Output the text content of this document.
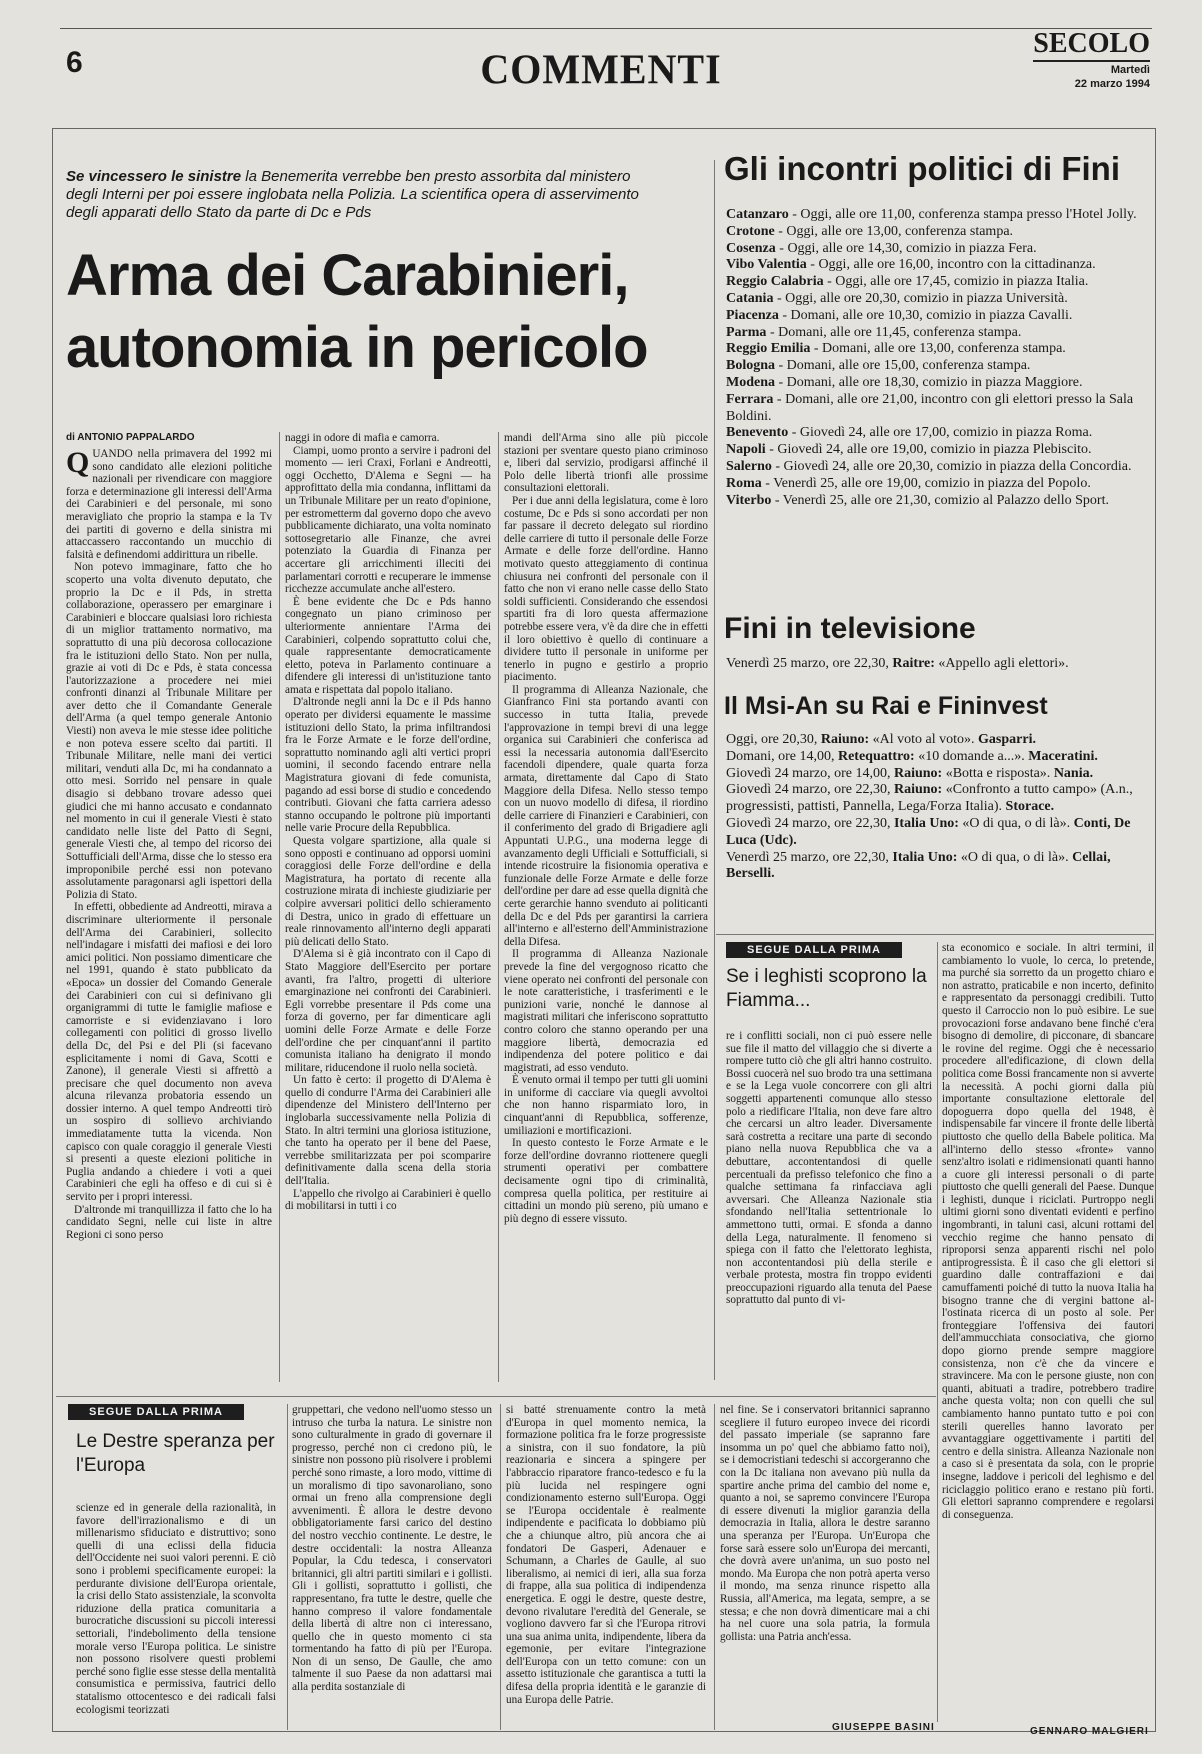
6	COMMENTI
SECOLO
Martedì
22 marzo 1994
Se vincessero le sinistre la Benemerita verrebbe ben presto assorbita dal ministero degli Interni per poi essere inglobata nella Polizia. La scientifica opera di asservimento degli apparati dello Stato da parte di Dc e Pds
Arma dei Carabinieri,
autonomia in pericolo
di ANTONIO PAPPALARDO
Q UANDO nella primavera del 1992 mi sono candidato alle elezioni politiche nazionali per rivendicare con maggiore forza e determinazione gli interessi dell'Arma dei Carabinieri e del personale, mi sono meravigliato che proprio la stampa e la Tv dei partiti di governo e della sinistra mi attaccassero raccontando un mucchio di falsità e definendomi addirittura un ribelle.

Non potevo immaginare, fatto che ho scoperto una volta divenuto deputato, che proprio la Dc e il Pds, in stretta collaborazione, operassero per emarginare i Carabinieri e bloccare qualsiasi loro richiesta di un miglior trattamento normativo, ma soprattutto di una più decorosa collocazione fra le istituzioni dello Stato. Non per nulla, grazie ai voti di Dc e Pds, è stata concessa l'autorizzazione a procedere nei miei confronti dinanzi al Tribunale Militare per aver detto che il Comandante Generale dell'Arma (a quel tempo generale Antonio Viesti) non aveva le mie stesse idee politiche e non poteva essere scelto dai partiti. Il Tribunale Militare, nelle mani dei vertici militari, venduti alla Dc, mi ha condannato a otto mesi. Sorrido nel pensare in quale disagio si debbano trovare adesso quei giudici che mi hanno accusato e condannato nel momento in cui il generale Viesti è stato candidato nelle liste del Patto di Segni, generale Viesti che, al tempo del ricorso dei Sottufficiali dell'Arma, disse che lo stesso era improponibile perché essi non potevano assolutamente paragonarsi agli ispettori della Polizia di Stato.

In effetti, obbediente ad Andreotti, mirava a discriminare ulteriormente il personale dell'Arma dei Carabinieri, sollecito nell'indagare i misfatti dei mafiosi e dei loro amici politici. Non possiamo dimenticare che nel 1991, quando è stato pubblicato da «Epoca» un dossier del Comando Generale dei Carabinieri con cui si definivano gli organigrammi di tutte le famiglie mafiose e camorriste e si evidenziavano i loro collegamenti con politici di grosso livello della Dc, del Psi e del Pli (si facevano esplicitamente i nomi di Gava, Scotti e Zanone), il generale Viesti si affrettò a precisare che quel documento non aveva alcuna rilevanza probatoria essendo un dossier interno. A quel tempo Andreotti tirò un sospiro di sollievo archiviando immediatamente tutta la vicenda. Non capisco con quale coraggio il generale Viesti si presenti a queste elezioni politiche in Puglia andando a chiedere i voti a quei Carabinieri che egli ha offeso e di cui si è servito per i propri interessi.

D'altronde mi tranquillizza il fatto che lo ha candidato Segni, nelle cui liste in altre Regioni ci sono perso

naggi in odore di mafia e camorra.

Ciampi, uomo pronto a servire i padroni del momento — ieri Craxi, Forlani e Andreotti, oggi Occhetto, D'Alema e Segni — ha approfittato della mia condanna, inflittami da un Tribunale Militare per un reato d'opinione, per estrometterm dal governo dopo che avevo pubblicamente dichiarato, una volta nominato sottosegretario alle Finanze, che avrei potenziato la Guardia di Finanza per accertare gli arricchimenti illeciti dei parlamentari corrotti e recuperare le immense ricchezze accumulate anche all'estero.

È bene evidente che Dc e Pds hanno congegnato un piano criminoso per ulteriormente annientare l'Arma dei Carabinieri, colpendo soprattutto colui che, quale rappresentante democraticamente eletto, poteva in Parlamento continuare a difendere gli interessi di un'istituzione tanto amata e rispettata dal popolo italiano.

D'altronde negli anni la Dc e il Pds hanno operato per dividersi equamente le massime istituzioni dello Stato, la prima infiltrandosi fra le Forze Armate e le forze dell'ordine, soprattutto nominando agli alti vertici propri uomini, il secondo facendo entrare nella Magistratura giovani di fede comunista, pagando ad essi borse di studio e concedendo contributi. Giovani che fatta carriera adesso stanno occupando le poltrone più importanti nelle varie Procure della Repubblica.

Questa volgare spartizione, alla quale si sono opposti e continuano ad opporsi uomini coraggiosi delle Forze dell'ordine e della Magistratura, ha portato di recente alla costruzione mirata di inchieste giudiziarie per colpire avversari politici dello schieramento di Destra, unico in grado di effettuare un reale rinnovamento all'interno degli apparati più delicati dello Stato.

D'Alema si è già incontrato con il Capo di Stato Maggiore dell'Esercito per portare avanti, fra l'altro, progetti di ulteriore emarginazione nei confronti dei Carabinieri. Egli vorrebbe presentare il Pds come una forza di governo, per far dimenticare agli uomini delle Forze Armate e delle Forze dell'ordine che per cinquant'anni il partito comunista italiano ha denigrato il mondo militare, riducendone il ruolo nella società.

Un fatto è certo: il progetto di D'Alema è quello di condurre l'Arma dei Carabinieri alle dipendenze del Ministero dell'Interno per inglobarla successivamente nella Polizia di Stato. In altri termini una gloriosa istituzione, che tanto ha operato per il bene del Paese, verrebbe smilitarizzata per poi scomparire definitivamente dalla scena della storia dell'Italia.

L'appello che rivolgo ai Carabinieri è quello di mobilitarsi in tutti i co

mandi dell'Arma sino alle più piccole stazioni per sventare questo piano criminoso e, liberi dal servizio, prodigarsi affinché il Polo delle libertà trionfi alle prossime consultazioni elettorali.

Per i due anni della legislatura, come è loro costume, Dc e Pds si sono accordati per non far passare il decreto delegato sul riordino delle carriere di tutto il personale delle Forze Armate e delle forze dell'ordine. Hanno motivato questo atteggiamento di continua chiusura nei confronti del personale con il fatto che non vi erano nelle casse dello Stato soldi sufficienti. Considerando che essendosi spartiti fra di loro questa affermazione potrebbe essere vera, v'è da dire che in effetti il loro obiettivo è quello di continuare a dividere tutto il personale in uniforme per tenerlo in pugno e gestirlo a proprio piacimento.

Il programma di Alleanza Nazionale, che Gianfranco Fini sta portando avanti con successo in tutta Italia, prevede l'approvazione in tempi brevi di una legge organica sui Carabinieri che conferisca ad essi la necessaria autonomia dall'Esercito facendoli dipendere, quale quarta forza armata, direttamente dal Capo di Stato Maggiore della Difesa. Nello stesso tempo con un nuovo modello di difesa, il riordino delle carriere di Finanzieri e Carabinieri, con il conferimento del grado di Brigadiere agli Appuntati U.P.G., una moderna legge di avanzamento degli Ufficiali e Sottufficiali, si intende ricostruire la fisionomia operativa e funzionale delle Forze Armate e delle forze dell'ordine per dare ad esse quella dignità che certe gerarchie hanno svenduto ai politicanti della Dc e del Pds per garantirsi la carriera all'interno e all'esterno dell'Amministrazione della Difesa.

Il programma di Alleanza Nazionale prevede la fine del vergognoso ricatto che viene operato nei confronti del personale con le note caratteristiche, i trasferimenti e le punizioni varie, nonché le dannose al magistrati militari che inferiscono soprattutto contro coloro che stanno operando per una maggiore libertà, democrazia ed indipendenza del potere politico e dai magistrati, ad esso venduto.

È venuto ormai il tempo per tutti gli uomini in uniforme di cacciare via quegli avvoltoi che non hanno risparmiato loro, in cinquant'anni di Repubblica, sofferenze, umiliazioni e mortificazioni.

In questo contesto le Forze Armate e le forze dell'ordine dovranno riottenere quegli strumenti operativi per combattere decisamente ogni tipo di criminalità, compresa quella politica, per restituire ai cittadini un mondo più sereno, più umano e più degno di essere vissuto.

Gli incontri politici di Fini
Catanzaro - Oggi, alle ore 11,00, conferenza stampa presso l'Hotel Jolly.
Crotone - Oggi, alle ore 13,00, conferenza stampa.
Cosenza - Oggi, alle ore 14,30, comizio in piazza Fera.
Vibo Valentia - Oggi, alle ore 16,00, incontro con la cittadinanza.
Reggio Calabria - Oggi, alle ore 17,45, comizio in piazza Italia.
Catania - Oggi, alle ore 20,30, comizio in piazza Università.
Piacenza - Domani, alle ore 10,30, comizio in piazza Cavalli.
Parma - Domani, alle ore 11,45, conferenza stampa.
Reggio Emilia - Domani, alle ore 13,00, conferenza stampa.
Bologna - Domani, alle ore 15,00, conferenza stampa.
Modena - Domani, alle ore 18,30, comizio in piazza Maggiore.
Ferrara - Domani, alle ore 21,00, incontro con gli elettori presso la Sala Boldini.
Benevento - Giovedì 24, alle ore 17,00, comizio in piazza Roma.
Napoli - Giovedì 24, alle ore 19,00, comizio in piazza Plebiscito.
Salerno - Giovedì 24, alle ore 20,30, comizio in piazza della Concordia.
Roma - Venerdì 25, alle ore 19,00, comizio in piazza del Popolo.
Viterbo - Venerdì 25, alle ore 21,30, comizio al Palazzo dello Sport.
Fini in televisione
Venerdì 25 marzo, ore 22,30, Raitre: «Appello agli elettori».
Il Msi-An su Rai e Fininvest
Oggi, ore 20,30, Raiuno: «Al voto al voto». Gasparri.
Domani, ore 14,00, Retequattro: «10 domande a...». Maceratini.
Giovedì 24 marzo, ore 14,00, Raiuno: «Botta e risposta». Nania.
Giovedì 24 marzo, ore 22,30, Raiuno: «Confronto a tutto campo» (A.n., progressisti, pattisti, Pannella, Lega/Forza Italia). Storace.
Giovedì 24 marzo, ore 22,30, Italia Uno: «O di qua, o di là». Conti, De Luca (Udc).
Venerdì 25 marzo, ore 22,30, Italia Uno: «O di qua, o di là». Cellai, Berselli.
SEGUE DALLA PRIMA
Se i leghisti scoprono la Fiamma...

re i conflitti sociali, non ci può essere nelle sue file il matto del villaggio che si diverte a rompere tutto ciò che gli altri hanno costruito. Bossi cuocerà nel suo brodo tra una settimana e se la Lega vuole concorrere con gli altri soggetti appartenenti comunque allo stesso polo a riedificare l'Italia, non deve fare altro che cercarsi un altro leader. Diversamente sarà costretta a recitare una parte di secondo piano nella nuova Repubblica che va a debuttare, accontentandosi di quelle percentuali da prefisso telefonico che fino a qualche settimana fa rinfacciava agli avversari. Che Alleanza Nazionale stia sfondando nell'Italia settentrionale lo ammettono tutti, ormai. E sfonda a danno della Lega, naturalmente. Il fenomeno si spiega con il fatto che l'elettorato leghista, non accontentandosi più della sterile e verbale protesta, mostra fin troppo evidenti preoccupazioni riguardo alla tenuta del Paese soprattutto dal punto di vi-

sta economico e sociale. In altri termini, il cambiamento lo vuole, lo cerca, lo pretende, ma purché sia sorretto da un progetto chiaro e non astratto, praticabile e non incerto, definito e rappresentato da personaggi credibili. Tutto questo il Carroccio non lo può esibire. Le sue provocazioni forse andavano bene finché c'era bisogno di demolire, di picconare, di sbancare le rovine del regime. Oggi che è necessario procedere all'edificazione, di clown della politica come Bossi francamente non si avverte la necessità. A pochi giorni dalla più importante consultazione elettorale del dopoguerra dopo quella del 1948, è indispensabile far vincere il fronte delle libertà piuttosto che quello della Babele politica. Ma all'interno dello stesso «fronte» vanno senz'altro isolati e ridimensionati quanti hanno a cuore gli interessi personali o di parte piuttosto che quelli generali del Paese. Dunque i leghisti, dunque i riciclati. Purtroppo negli ultimi giorni sono diventati evidenti e perfino ingombranti, in taluni casi, alcuni rottami del vecchio regime che hanno pensato di riproporsi senza apparenti rischi nel polo antiprogressista. È il caso che gli elettori si guardino dalle contraffazioni e dai camuffamenti poiché di tutto la nuova Italia ha bisogno tranne che di vergini battone al-l'ostinata ricerca di un posto al sole. Per fronteggiare l'offensiva dei fautori dell'ammucchiata consociativa, che giorno dopo giorno prende sempre maggiore consistenza, non c'è che da vincere e stravincere. Ma con le persone giuste, non con quanti, abituati a tradire, potrebbero tradire anche questa volta; non con quelli che sul cambiamento hanno puntato tutto e poi con sterili querelles hanno lavorato per avvantaggiare oggettivamente i partiti del centro e della sinistra. Alleanza Nazionale non a caso si è presentata da sola, con le proprie insegne, laddove i pericoli del leghismo e del riciclaggio politico erano e restano più forti. Gli elettori sapranno comprendere e regolarsi di conseguenza.

GENNARO MALGIERI
SEGUE DALLA PRIMA
Le Destre speranza per l'Europa

scienze ed in generale della razionalità, in favore dell'irrazionalismo e di un millenarismo sfiduciato e distruttivo; sono quelli di una eclissi della fiducia dell'Occidente nei suoi valori perenni. E ciò sono i problemi specificamente europei: la perdurante divisione dell'Europa orientale, la crisi dello Stato assistenziale, la sconvolta riduzione della pratica comunitaria a burocratiche discussioni su piccoli interessi settoriali, l'indebolimento della tensione morale verso l'Europa politica. Le sinistre non possono risolvere questi problemi perché sono figlie esse stesse della mentalità consumistica e permissiva, fautrici dello statalismo ottocentesco e dei radicali falsi ecologismi teorizzati

gruppettari, che vedono nell'uomo stesso un intruso che turba la natura. Le sinistre non sono culturalmente in grado di governare il progresso, perché non ci credono più, le sinistre non possono più risolvere i problemi perché sono rimaste, a loro modo, vittime di un moralismo di tipo savonaroliano, sono ormai un freno alla comprensione degli avvenimenti. È allora le destre devono obbligatoriamente farsi carico del destino del nostro vecchio continente. Le destre, le destre occidentali: la nostra Alleanza Popular, la Cdu tedesca, i conservatori britannici, gli altri partiti similari e i gollisti. Gli i gollisti, soprattutto i gollisti, che rappresentano, fra tutte le destre, quelle che hanno compreso il valore fondamentale della libertà di altre non ci interessano, quello che in questo momento ci sta tormentando ha fatto di più per l'Europa. Non di un senso, De Gaulle, che amo talmente il suo Paese da non adattarsi mai alla perdita sostanziale di

si batté strenuamente contro la metà d'Europa in quel momento nemica, la formazione politica fra le forze progressiste a sinistra, con il suo fondatore, la più reazionaria e sincera a spingere per l'abbraccio riparatore franco-tedesco e fu la più lucida nel respingere ogni condizionamento esterno sull'Europa. Oggi se l'Europa occidentale è realmente indipendente e pacificata lo dobbiamo più che a chiunque altro, più ancora che ai fondatori De Gasperi, Adenauer e Schumann, a Charles de Gaulle, al suo liberalismo, ai nemici di ieri, alla sua forza di frappe, alla sua politica di indipendenza energetica. E oggi le destre, queste destre, devono rivalutare l'eredità del Generale, se vogliono davvero far sì che l'Europa ritrovi una sua anima unita, indipendente, libera da egemonie, per evitare l'integrazione dell'Europa con un tetto comune: con un assetto istituzionale che garantisca a tutti la difesa della propria identità e le garanzie di una Europa delle Patrie.

nel fine. Se i conservatori britannici sapranno scegliere il futuro europeo invece dei ricordi del passato imperiale (se sapranno fare insomma un po' quel che abbiamo fatto noi), se i democristiani tedeschi si accorgeranno che con la Dc italiana non avevano più nulla da spartire anche prima del cambio del nome e, quanto a noi, se sapremo convincere l'Europa di essere divenuti la miglior garanzia della democrazia in Italia, allora le destre saranno una speranza per l'Europa. Un'Europa che forse sarà essere solo un'Europa dei mercanti, che dovrà avere un'anima, un suo posto nel mondo. Ma Europa che non potrà aperta verso il mondo, ma senza rinunce rispetto alla Russia, all'America, ma legata, sempre, a se stessa; e che non dovrà dimenticare mai a chi ha nel cuore una sola patria, la formula gollista: una Patria anch'essa.

GIUSEPPE BASINI
